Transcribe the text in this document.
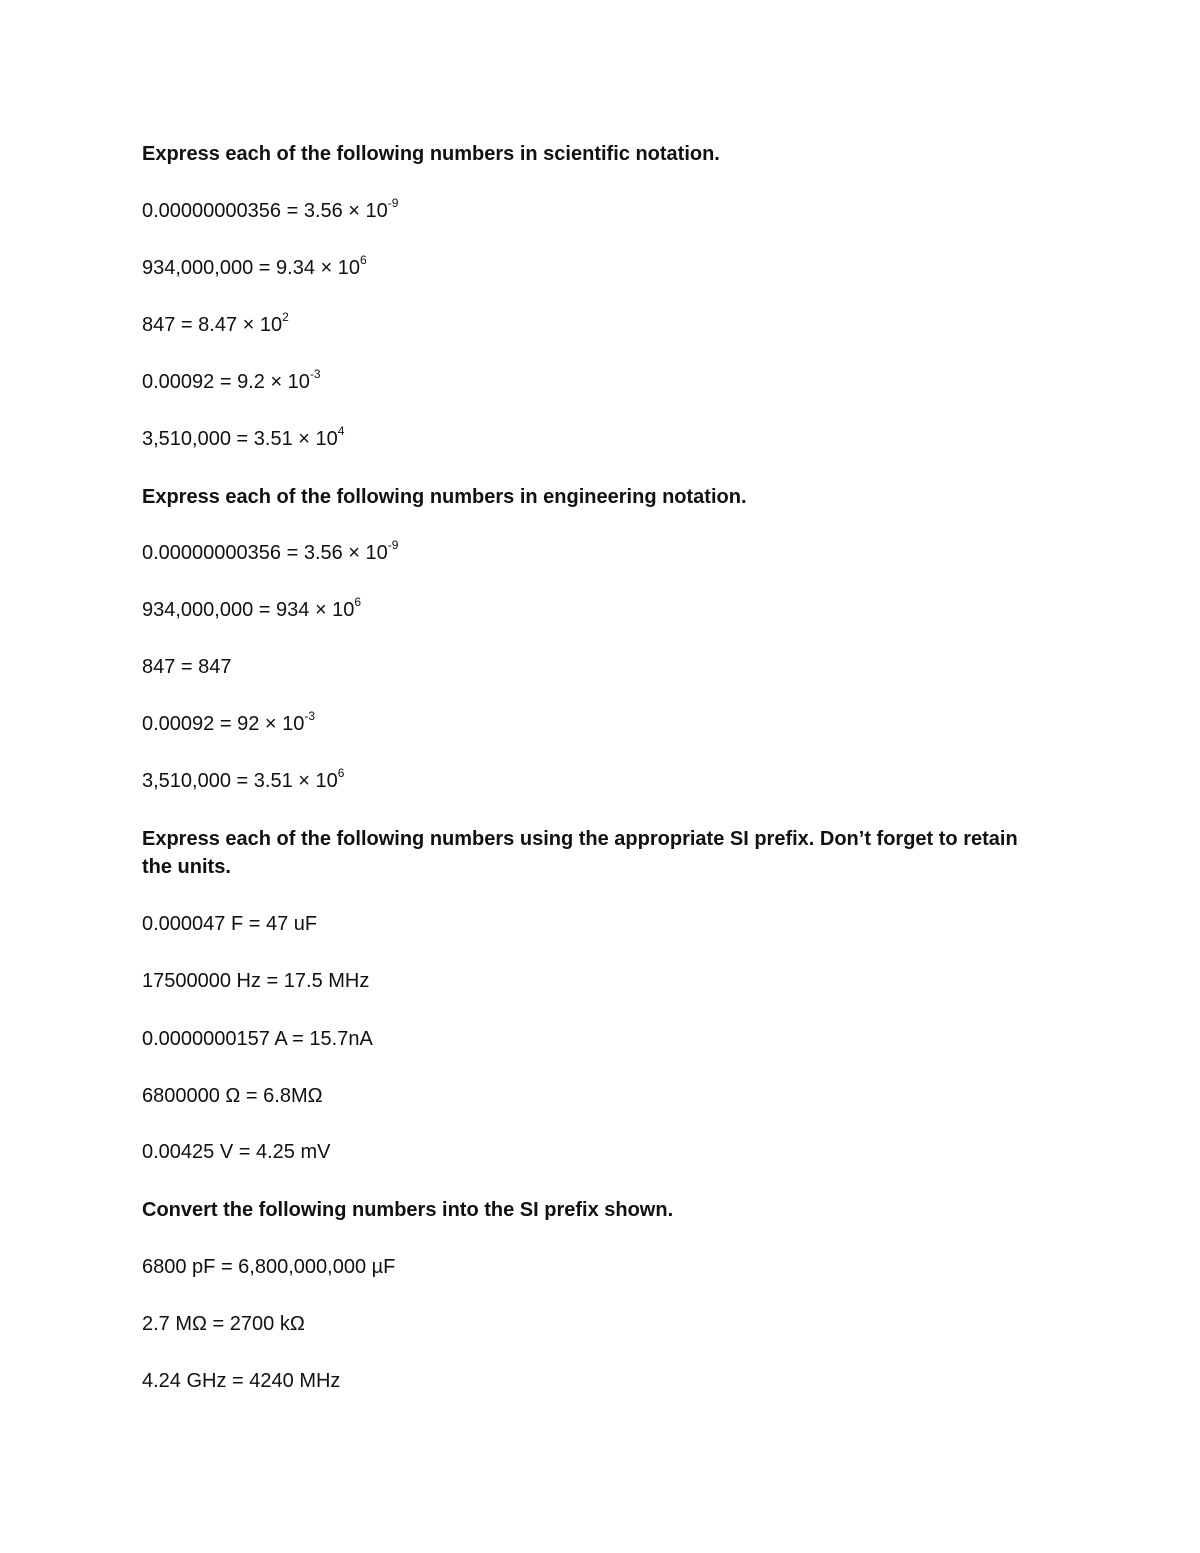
Express each of the following numbers in scientific notation.
$0.00000000356 = 3.56 \times 10^{-9}$
$934,000,000 = 9.34 \times 10^6$
$847 = 8.47 \times 10^2$
$0.00092 = 9.2 \times 10^{-3}$
$3,510,000 = 3.51 \times 10^4$
Express each of the following numbers in engineering notation.
$0.00000000356 = 3.56 \times 10^{-9}$
$934,000,000 = 934 \times 10^6$
847 = 847
$0.00092 = 92 \times 10^{-3}$
$3,510,000 = 3.51 \times 10^6$
Express each of the following numbers using the appropriate SI prefix. Don’t forget to retain the units.
0.000047 F = 47 uF
17500000 Hz = 17.5 MHz
0.0000000157 A = 15.7nA
6800000 Ω = 6.8MΩ
0.00425 V = 4.25 mV
Convert the following numbers into the SI prefix shown.
6800 pF = 6,800,000,000 µF
2.7 MΩ = 2700 kΩ
4.24 GHz = 4240 MHz
